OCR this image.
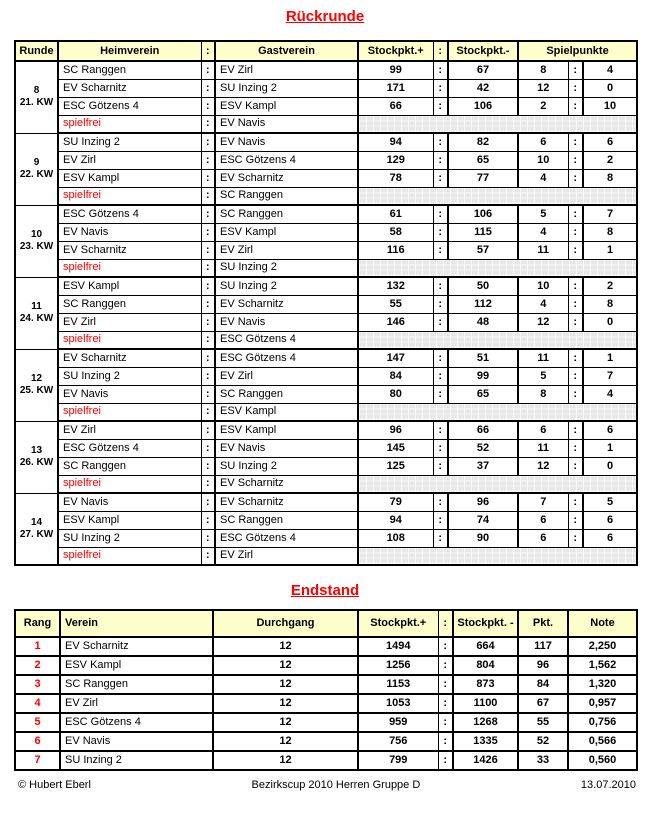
Rückrunde
Runde	Heimverein	:	Gastverein	Stockpkt.+	:	Stockpkt.-	Spielpunkte		

8
21. KW	SC Ranggen	:	EV Zirl	99	:	67	8	:	4
	EV Scharnitz	:	SU Inzing 2	171	:	42	12	:	0
	ESC Götzens 4	:	ESV Kampl	66	:	106	2	:	10
	spielfrei	:	EV Navis						

9
22. KW	SU Inzing 2	:	EV Navis	94	:	82	6	:	6
	EV Zirl	:	ESC Götzens 4	129	:	65	10	:	2
	ESV Kampl	:	EV Scharnitz	78	:	77	4	:	8
	spielfrei	:	SC Ranggen						

10
23. KW	ESC Götzens 4	:	SC Ranggen	61	:	106	5	:	7
	EV Navis	:	ESV Kampl	58	:	115	4	:	8
	EV Scharnitz	:	EV Zirl	116	:	57	11	:	1
	spielfrei	:	SU Inzing 2						

11
24. KW	ESV Kampl	:	SU Inzing 2	132	:	50	10	:	2
	SC Ranggen	:	EV Scharnitz	55	:	112	4	:	8
	EV Zirl	:	EV Navis	146	:	48	12	:	0
	spielfrei	:	ESC Götzens 4						

12
25. KW	EV Scharnitz	:	ESC Götzens 4	147	:	51	11	:	1
	SU Inzing 2	:	EV Zirl	84	:	99	5	:	7
	EV Navis	:	SC Ranggen	80	:	65	8	:	4
	spielfrei	:	ESV Kampl						

13
26. KW	EV Zirl	:	ESV Kampl	96	:	66	6	:	6
	ESC Götzens 4	:	EV Navis	145	:	52	11	:	1
	SC Ranggen	:	SU Inzing 2	125	:	37	12	:	0
	spielfrei	:	EV Scharnitz						

14
27. KW	EV Navis	:	EV Scharnitz	79	:	96	7	:	5
	ESV Kampl	:	SC Ranggen	94	:	74	6	:	6
	SU Inzing 2	:	ESC Götzens 4	108	:	90	6	:	6
	spielfrei	:	EV Zirl						
Endstand
Rang	Verein	Durchgang	Stockpkt.+	:	Stockpkt. -	Pkt.	Note
1	EV Scharnitz	12	1494	:	664	117	2,250
2	ESV Kampl	12	1256	:	804	96	1,562
3	SC Ranggen	12	1153	:	873	84	1,320
4	EV Zirl	12	1053	:	1100	67	0,957
5	ESC Götzens 4	12	959	:	1268	55	0,756
6	EV Navis	12	756	:	1335	52	0,566
7	SU Inzing 2	12	799	:	1426	33	0,560
© Hubert Eberl	Bezirkscup 2010 Herren Gruppe D	13.07.2010
